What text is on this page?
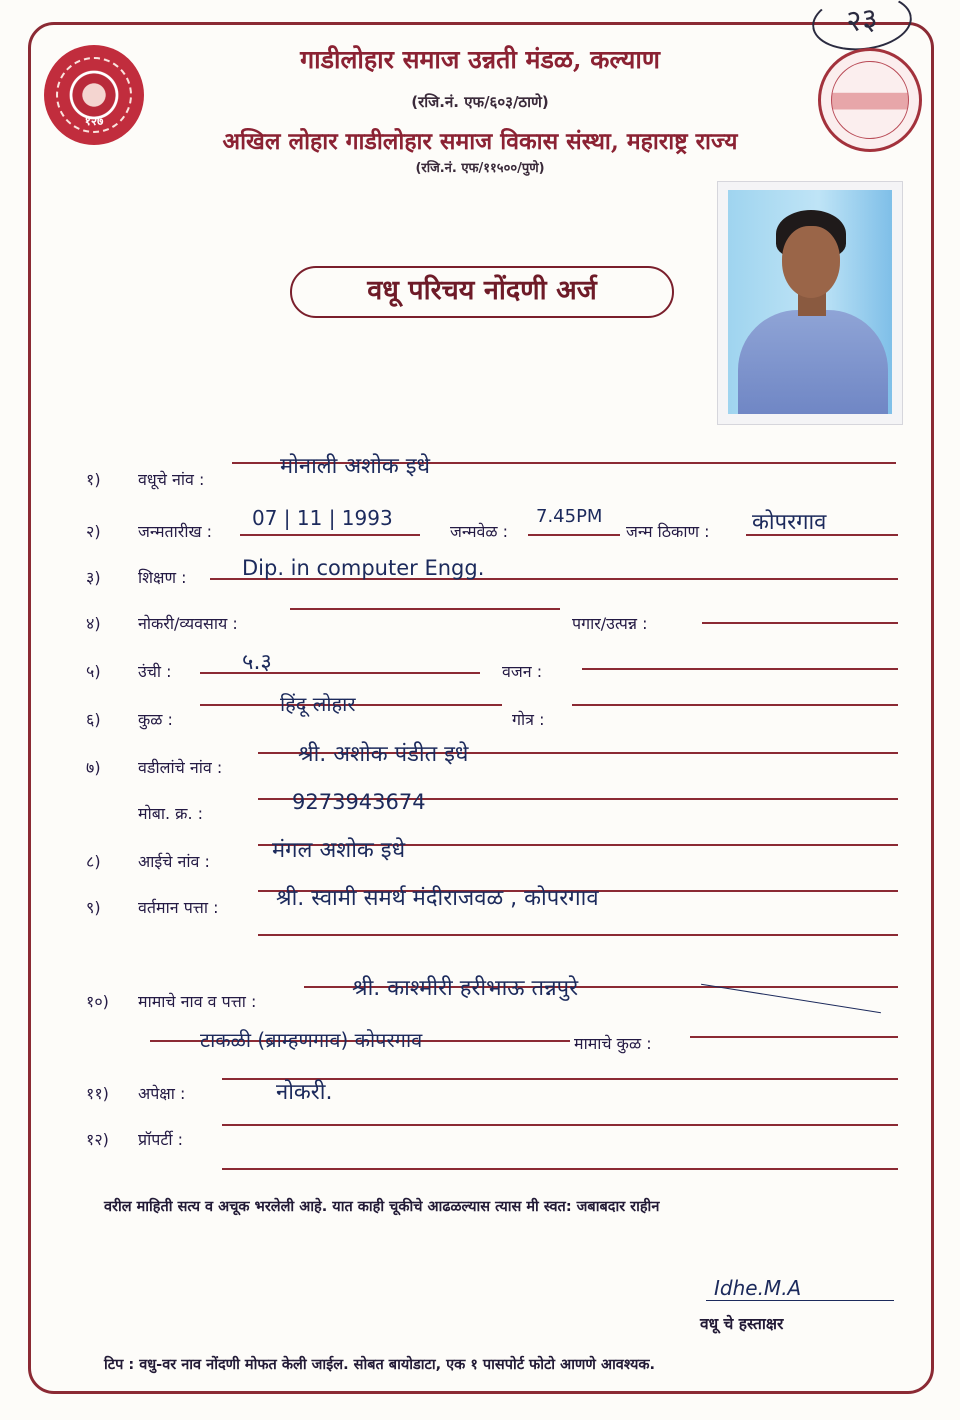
२३
१२७
गाडीलोहार समाज उन्नती मंडळ, कल्याण
(रजि.नं. एफ/६०३/ठाणे)
अखिल लोहार गाडीलोहार समाज विकास संस्था, महाराष्ट्र राज्य
(रजि.नं. एफ/११५००/पुणे)
वधू परिचय नोंदणी अर्ज
१) वधूचे नांव :
मोनाली अशोक इधे
२) जन्मतारीख :
07 | 11 | 1993
जन्मवेळ :
7.45PM
जन्म ठिकाण : कोपरगाव
३) शिक्षण :	Dip. in computer Engg.
४) नोकरी/व्यवसाय :	पगार/उत्पन्न :
५) उंची :	५.३	वजन :
६) कुळ :
हिंदू लोहार
गोत्र :
७) वडीलांचे नांव :
श्री. अशोक पंडीत इधे
मोबा. क्र. :	9273943674
८) आईचे नांव :	मंगल अशोक इधे
९) वर्तमान पत्ता :	श्री. स्वामी समर्थ मंदीराजवळ , कोपरगाव
१०) मामाचे नाव व पत्ता :
श्री. काश्मीरी हरीभाऊ तन्नपुरे
टाकळी (ब्राम्हणगाव) कोपरगाव	मामाचे कुळ :
११) अपेक्षा :	नोकरी.
१२) प्रॉपर्टी :
वरील माहिती सत्य व अचूक भरलेली आहे. यात काही चूकीचे आढळल्यास त्यास मी स्वत: जबाबदार राहीन
Idhe.M.A
वधू चे हस्ताक्षर
टिप : वधु-वर नाव नोंदणी मोफत केली जाईल. सोबत बायोडाटा, एक १ पासपोर्ट फोटो आणणे आवश्यक.
